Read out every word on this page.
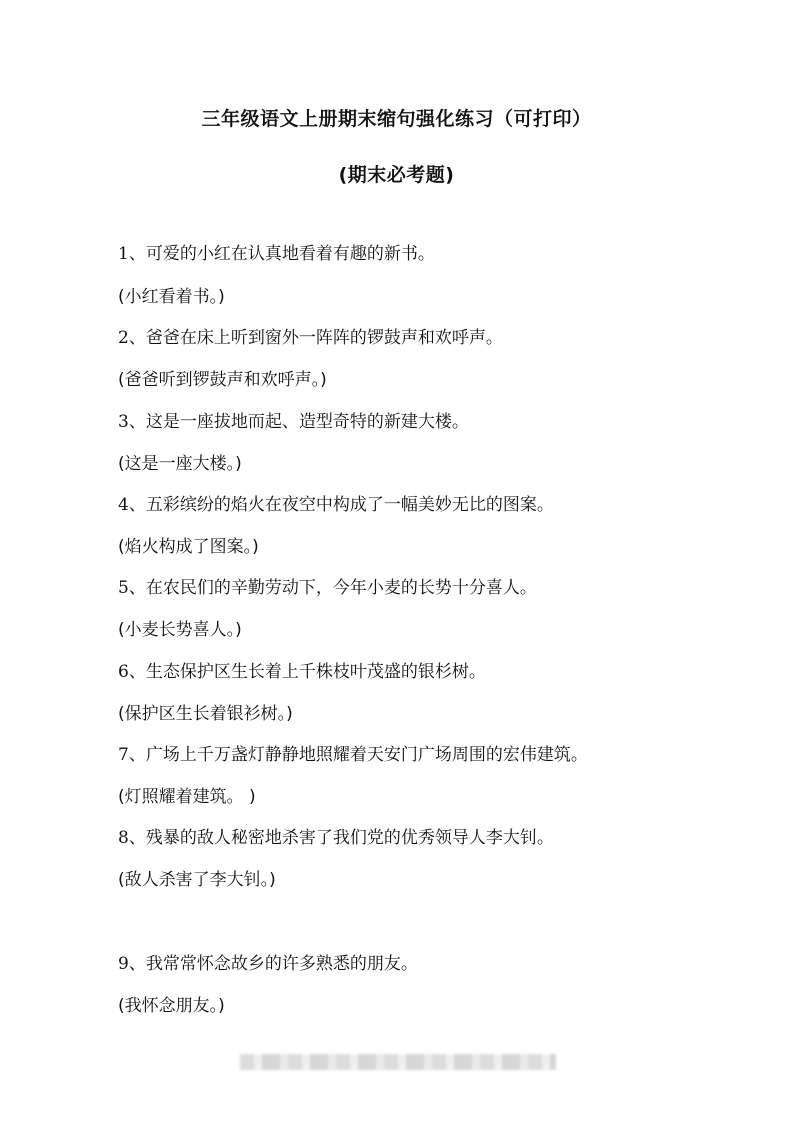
三年级语文上册期末缩句强化练习（可打印）
(期末必考题)

1、可爱的小红在认真地看着有趣的新书。

(小红看着书。)

2、爸爸在床上听到窗外一阵阵的锣鼓声和欢呼声。

(爸爸听到锣鼓声和欢呼声。)

3、这是一座拔地而起、造型奇特的新建大楼。

(这是一座大楼。)

4、五彩缤纷的焰火在夜空中构成了一幅美妙无比的图案。

(焰火构成了图案。)

5、在农民们的辛勤劳动下，今年小麦的长势十分喜人。

(小麦长势喜人。)

6、生态保护区生长着上千株枝叶茂盛的银杉树。

(保护区生长着银衫树。)

7、广场上千万盏灯静静地照耀着天安门广场周围的宏伟建筑。

(灯照耀着建筑。 )

8、残暴的敌人秘密地杀害了我们党的优秀领导人李大钊。

(敌人杀害了李大钊。)

9、我常常怀念故乡的许多熟悉的朋友。

(我怀念朋友。)
